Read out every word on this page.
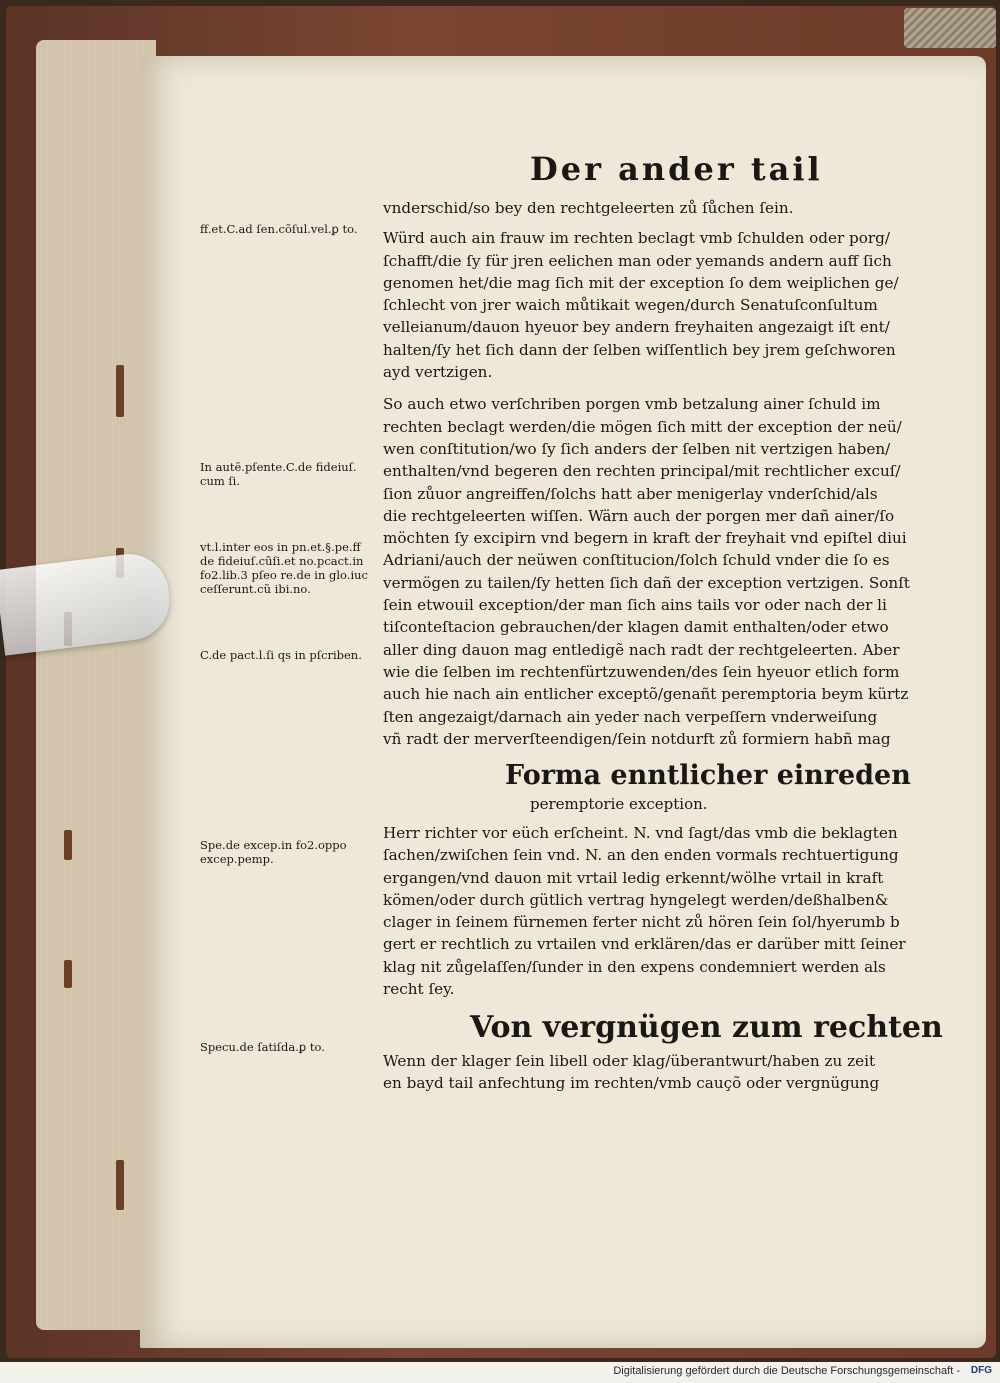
Der ander tail

vnderschid/so bey den rechtgeleerten zů ſůchen ſein.

Würd auch ain frauw im rechten beclagt vmb ſchulden oder porg/

ſchafft/die ſy für jren eelichen man oder yemands andern auff ſich

genomen het/die mag ſich mit der exception ſo dem weiplichen ge/

ſchlecht von jrer waich můtikait wegen/durch Senatuſconſultum

velleianum/dauon hyeuor bey andern freyhaiten angezaigt iſt ent/

halten/ſy het ſich dann der ſelben wiſſentlich bey jrem geſchworen

ayd vertzigen.

So auch etwo verſchriben porgen vmb betzalung ainer ſchuld im

rechten beclagt werden/die mögen ſich mitt der exception der neü/

wen conſtitution/wo ſy ſich anders der ſelben nit vertzigen haben/

enthalten/vnd begeren den rechten principal/mit rechtlicher excuſ/

ſion zůuor angreiffen/ſolchs hatt aber menigerlay vnderſchid/als

die rechtgeleerten wiſſen. Wärn auch der porgen mer dañ ainer/ſo

möchten ſy excipirn vnd begern in kraft der freyhait vnd epiſtel diui

Adriani/auch der neüwen conſtitucion/ſolch ſchuld vnder die ſo es

vermögen zu tailen/ſy hetten ſich dañ der exception vertzigen. Sonſt

ſein etwouil exception/der man ſich ains tails vor oder nach der li

tiſconteſtacion gebrauchen/der klagen damit enthalten/oder etwo

aller ding dauon mag entledigẽ nach radt der rechtgeleerten. Aber

wie die ſelben im rechtenfürtzuwenden/des ſein hyeuor etlich form

auch hie nach ain entlicher exceptõ/genañt peremptoria beym kürtz

ſten angezaigt/darnach ain yeder nach verpeſſern vnderweiſung

vñ radt der merverſteendigen/ſein notdurft zů formiern habñ mag

Forma enntlicher einreden
peremptorie exception.

Herr richter vor eüch erſcheint. N. vnd ſagt/das vmb die beklagten

ſachen/zwiſchen ſein vnd. N. an den enden vormals rechtuertigung

ergangen/vnd dauon mit vrtail ledig erkennt/wölhe vrtail in kraft

kömen/oder durch gütlich vertrag hyngelegt werden/deßhalben&

clager in ſeinem fürnemen ferter nicht zů hören ſein ſol/hyerumb b

gert er rechtlich zu vrtailen vnd erklären/das er darüber mitt ſeiner

klag nit zůgelaſſen/ſunder in den expens condemniert werden als

recht ſey.

Von vergnügen zum rechten

Wenn der klager ſein libell oder klag/überantwurt/haben zu zeit

en bayd tail anfechtung im rechten/vmb cauçõ oder vergnügung

ff.et.C.ad ſen.cõſul.vel.ꝑ to.
In autē.pſente.C.de fideiuſ. cum ſi.
vt.l.inter eos in pn.et.§.pe.ff de fideiuſ.cũſi.et no.pcact.in fo2.lib.3 pſeo re.de in glo.iuc ceſſerunt.cũ ibi.no.
C.de pact.l.ſi qs in pſcriben.
Spe.de excep.in fo2.oppo excep.pemp.
Specu.de ſatiſda.ꝑ to.
Digitalisierung gefördert durch die Deutsche Forschungsgemeinschaft - DFG
